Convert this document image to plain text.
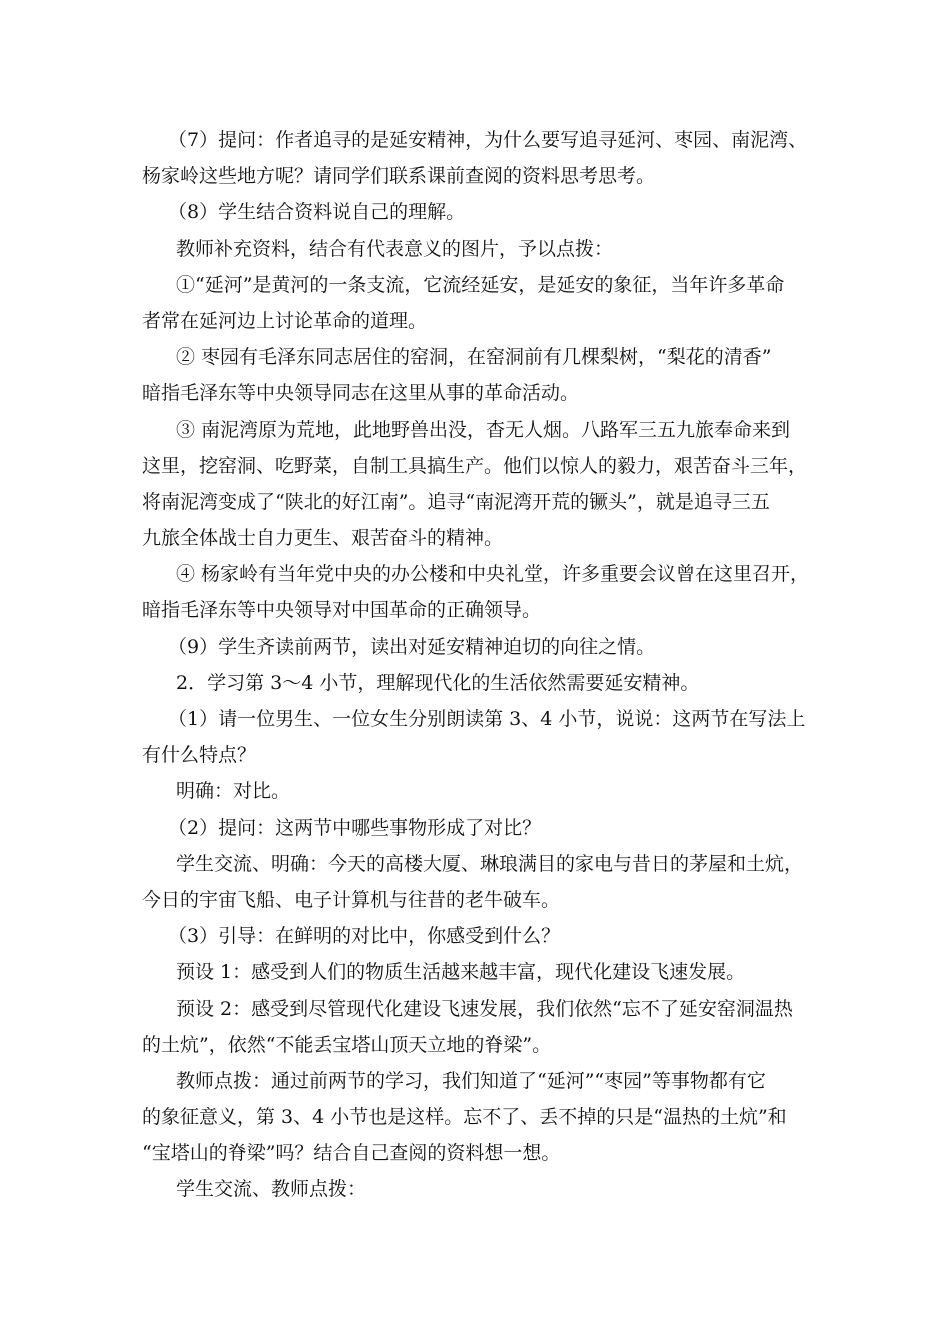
（7）提问：作者追寻的是延安精神，为什么要写追寻延河、枣园、南泥湾、

杨家岭这些地方呢？请同学们联系课前查阅的资料思考思考。

（8）学生结合资料说自己的理解。

教师补充资料，结合有代表意义的图片，予以点拨：

①“延河”是黄河的一条支流，它流经延安，是延安的象征，当年许多革命

者常在延河边上讨论革命的道理。

② 枣园有毛泽东同志居住的窑洞，在窑洞前有几棵梨树，“梨花的清香”

暗指毛泽东等中央领导同志在这里从事的革命活动。

③ 南泥湾原为荒地，此地野兽出没，杳无人烟。八路军三五九旅奉命来到

这里，挖窑洞、吃野菜，自制工具搞生产。他们以惊人的毅力，艰苦奋斗三年，

将南泥湾变成了“陕北的好江南”。追寻“南泥湾开荒的镢头”，就是追寻三五

九旅全体战士自力更生、艰苦奋斗的精神。

④ 杨家岭有当年党中央的办公楼和中央礼堂，许多重要会议曾在这里召开，

暗指毛泽东等中央领导对中国革命的正确领导。

（9）学生齐读前两节，读出对延安精神迫切的向往之情。

2．学习第 3～4 小节，理解现代化的生活依然需要延安精神。

（1）请一位男生、一位女生分别朗读第 3、4 小节，说说：这两节在写法上

有什么特点？

明确：对比。

（2）提问：这两节中哪些事物形成了对比？

学生交流、明确：今天的高楼大厦、琳琅满目的家电与昔日的茅屋和土炕，

今日的宇宙飞船、电子计算机与往昔的老牛破车。

（3）引导：在鲜明的对比中，你感受到什么？

预设 1：感受到人们的物质生活越来越丰富，现代化建设飞速发展。

预设 2：感受到尽管现代化建设飞速发展，我们依然“忘不了延安窑洞温热

的土炕”，依然“不能丢宝塔山顶天立地的脊梁”。

教师点拨：通过前两节的学习，我们知道了“延河”“枣园”等事物都有它

的象征意义，第 3、4 小节也是这样。忘不了、丢不掉的只是“温热的土炕”和

“宝塔山的脊梁”吗？结合自己查阅的资料想一想。

学生交流、教师点拨：
